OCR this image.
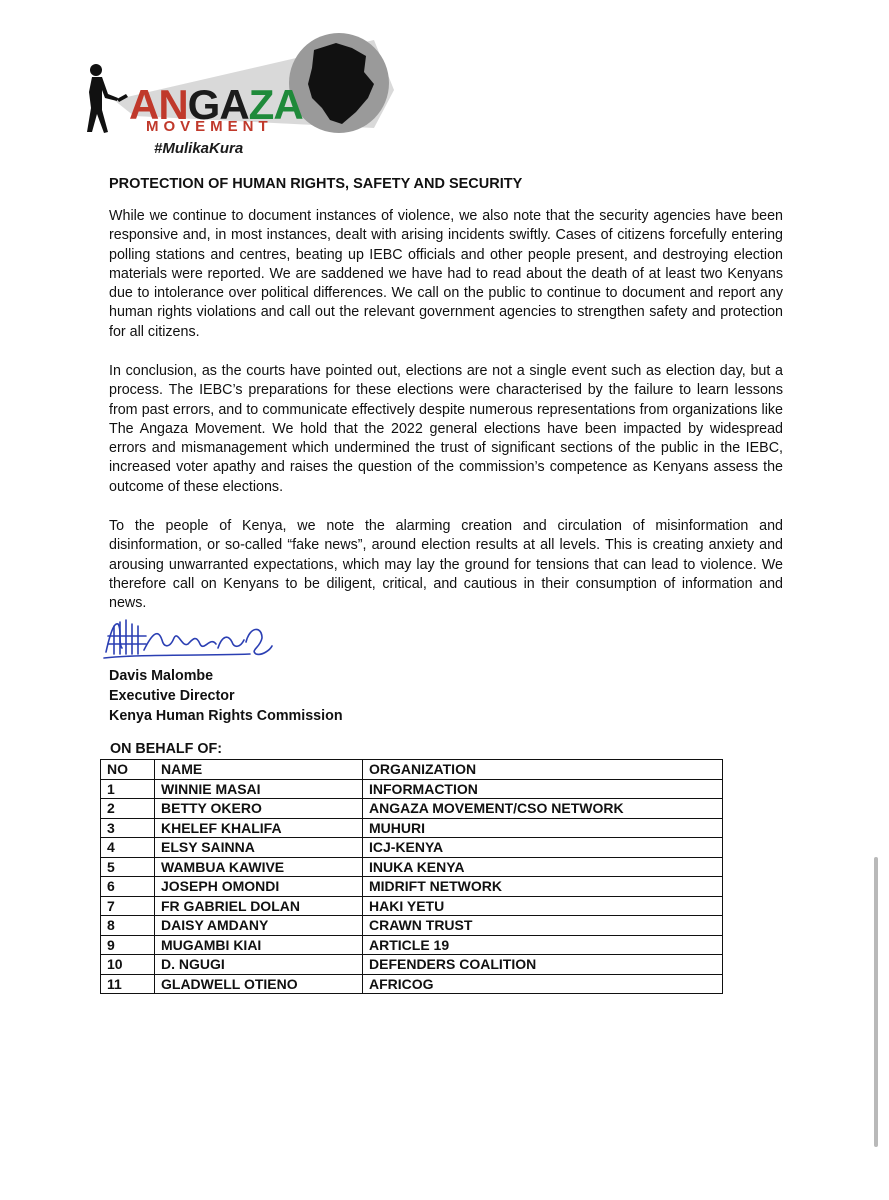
ANGAZA
MOVEMENT
#MulikaKura
PROTECTION OF HUMAN RIGHTS, SAFETY AND SECURITY

While we continue to document instances of violence, we also note that the security agencies have been responsive and, in most instances, dealt with arising incidents swiftly. Cases of citizens forcefully entering polling stations and centres, beating up IEBC officials and other people present, and destroying election materials were reported. We are saddened we have had to read about the death of at least two Kenyans due to intolerance over political differences. We call on the public to continue to document and report any human rights violations and call out the relevant government agencies to strengthen safety and protection for all citizens.

In conclusion, as the courts have pointed out, elections are not a single event such as election day, but a process. The IEBC’s preparations for these elections were characterised by the failure to learn lessons from past errors, and to communicate effectively despite numerous representations from organizations like The Angaza Movement. We hold that the 2022 general elections have been impacted by widespread errors and mismanagement which undermined the trust of significant sections of the public in the IEBC, increased voter apathy and raises the question of the commission’s competence as Kenyans assess the outcome of these elections.

To the people of Kenya, we note the alarming creation and circulation of misinformation and disinformation, or so-called “fake news”, around election results at all levels. This is creating anxiety and arousing unwarranted expectations, which may lay the ground for tensions that can lead to violence. We therefore call on Kenyans to be diligent, critical, and cautious in their consumption of information and news.

Davis Malombe
Executive Director
Kenya Human Rights Commission
ON BEHALF OF:
NO	NAME	ORGANIZATION
1	WINNIE MASAI	INFORMACTION
2	BETTY OKERO	ANGAZA MOVEMENT/CSO NETWORK
3	KHELEF KHALIFA	MUHURI
4	ELSY SAINNA	ICJ-KENYA
5	WAMBUA KAWIVE	INUKA KENYA
6	JOSEPH OMONDI	MIDRIFT NETWORK
7	FR GABRIEL DOLAN	HAKI YETU
8	DAISY AMDANY	CRAWN TRUST
9	MUGAMBI KIAI	ARTICLE 19
10	D. NGUGI	DEFENDERS COALITION
11	GLADWELL OTIENO	AFRICOG
